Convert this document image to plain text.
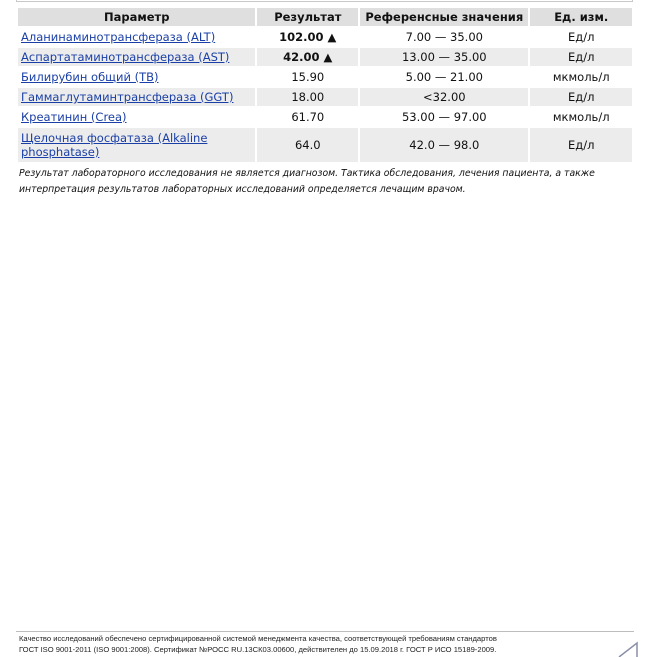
Параметр	Результат	Референсные значения	Ед. изм.
Аланинаминотрансфераза (ALT)	102.00 ▲	7.00 — 35.00	Ед/л
Аспартатаминотрансфераза (AST)	42.00 ▲	13.00 — 35.00	Ед/л
Билирубин общий (TB)	15.90	5.00 — 21.00	мкмоль/л
Гаммаглутаминтрансфераза (GGT)	18.00	<32.00	Ед/л
Креатинин (Crea)	61.70	53.00 — 97.00	мкмоль/л
Щелочная фосфатаза (Alkaline phosphatase)	64.0	42.0 — 98.0	Ед/л
Результат лабораторного исследования не является диагнозом. Тактика обследования, лечения пациента, а также интерпретация результатов лабораторных исследований определяется лечащим врачом.
Качество исследований обеспечено сертифицированной системой менеджмента качества, соответствующей требованиям стандартов
ГОСТ ISO 9001-2011 (ISO 9001:2008). Сертификат №РОСС RU.13СК03.00600, действителен до 15.09.2018 г. ГОСТ Р ИСО 15189-2009.
